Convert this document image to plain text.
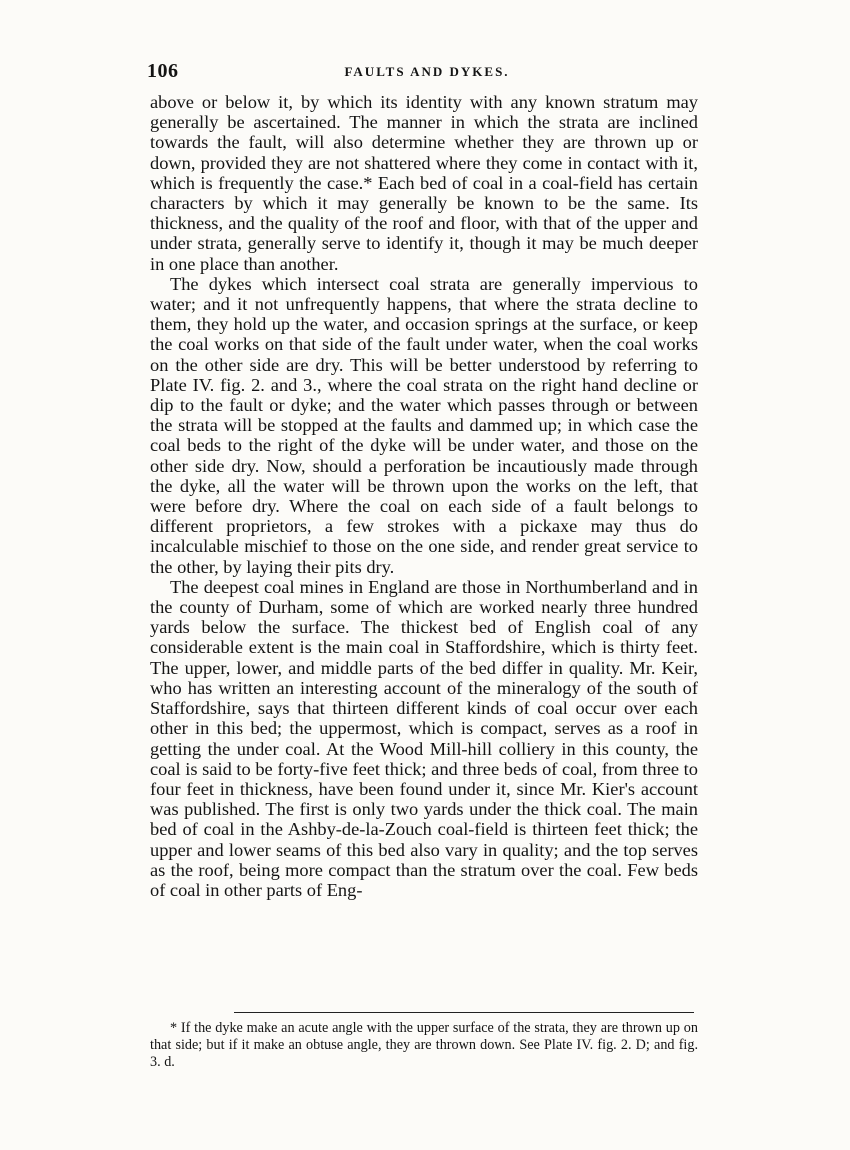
106	FAULTS AND DYKES.

above or below it, by which its identity with any known stratum may generally be ascertained. The manner in which the strata are inclined towards the fault, will also determine whether they are thrown up or down, provided they are not shattered where they come in contact with it, which is frequently the case.* Each bed of coal in a coal-field has certain characters by which it may generally be known to be the same. Its thickness, and the quality of the roof and floor, with that of the upper and under strata, generally serve to identify it, though it may be much deeper in one place than another.

The dykes which intersect coal strata are generally impervious to water; and it not unfrequently happens, that where the strata decline to them, they hold up the water, and occasion springs at the surface, or keep the coal works on that side of the fault under water, when the coal works on the other side are dry. This will be better understood by referring to Plate IV. fig. 2. and 3., where the coal strata on the right hand decline or dip to the fault or dyke; and the water which passes through or between the strata will be stopped at the faults and dammed up; in which case the coal beds to the right of the dyke will be under water, and those on the other side dry. Now, should a perforation be incautiously made through the dyke, all the water will be thrown upon the works on the left, that were before dry. Where the coal on each side of a fault belongs to different proprietors, a few strokes with a pickaxe may thus do incalculable mischief to those on the one side, and render great service to the other, by laying their pits dry.

The deepest coal mines in England are those in Northumberland and in the county of Durham, some of which are worked nearly three hundred yards below the surface. The thickest bed of English coal of any considerable extent is the main coal in Staffordshire, which is thirty feet. The upper, lower, and middle parts of the bed differ in quality. Mr. Keir, who has written an interesting account of the mineralogy of the south of Staffordshire, says that thirteen different kinds of coal occur over each other in this bed; the uppermost, which is compact, serves as a roof in getting the under coal. At the Wood Mill-hill colliery in this county, the coal is said to be forty-five feet thick; and three beds of coal, from three to four feet in thickness, have been found under it, since Mr. Kier's account was published. The first is only two yards under the thick coal. The main bed of coal in the Ashby-de-la-Zouch coal-field is thirteen feet thick; the upper and lower seams of this bed also vary in quality; and the top serves as the roof, being more compact than the stratum over the coal. Few beds of coal in other parts of Eng-

* If the dyke make an acute angle with the upper surface of the strata, they are thrown up on that side; but if it make an obtuse angle, they are thrown down. See Plate IV. fig. 2. D; and fig. 3. d.
